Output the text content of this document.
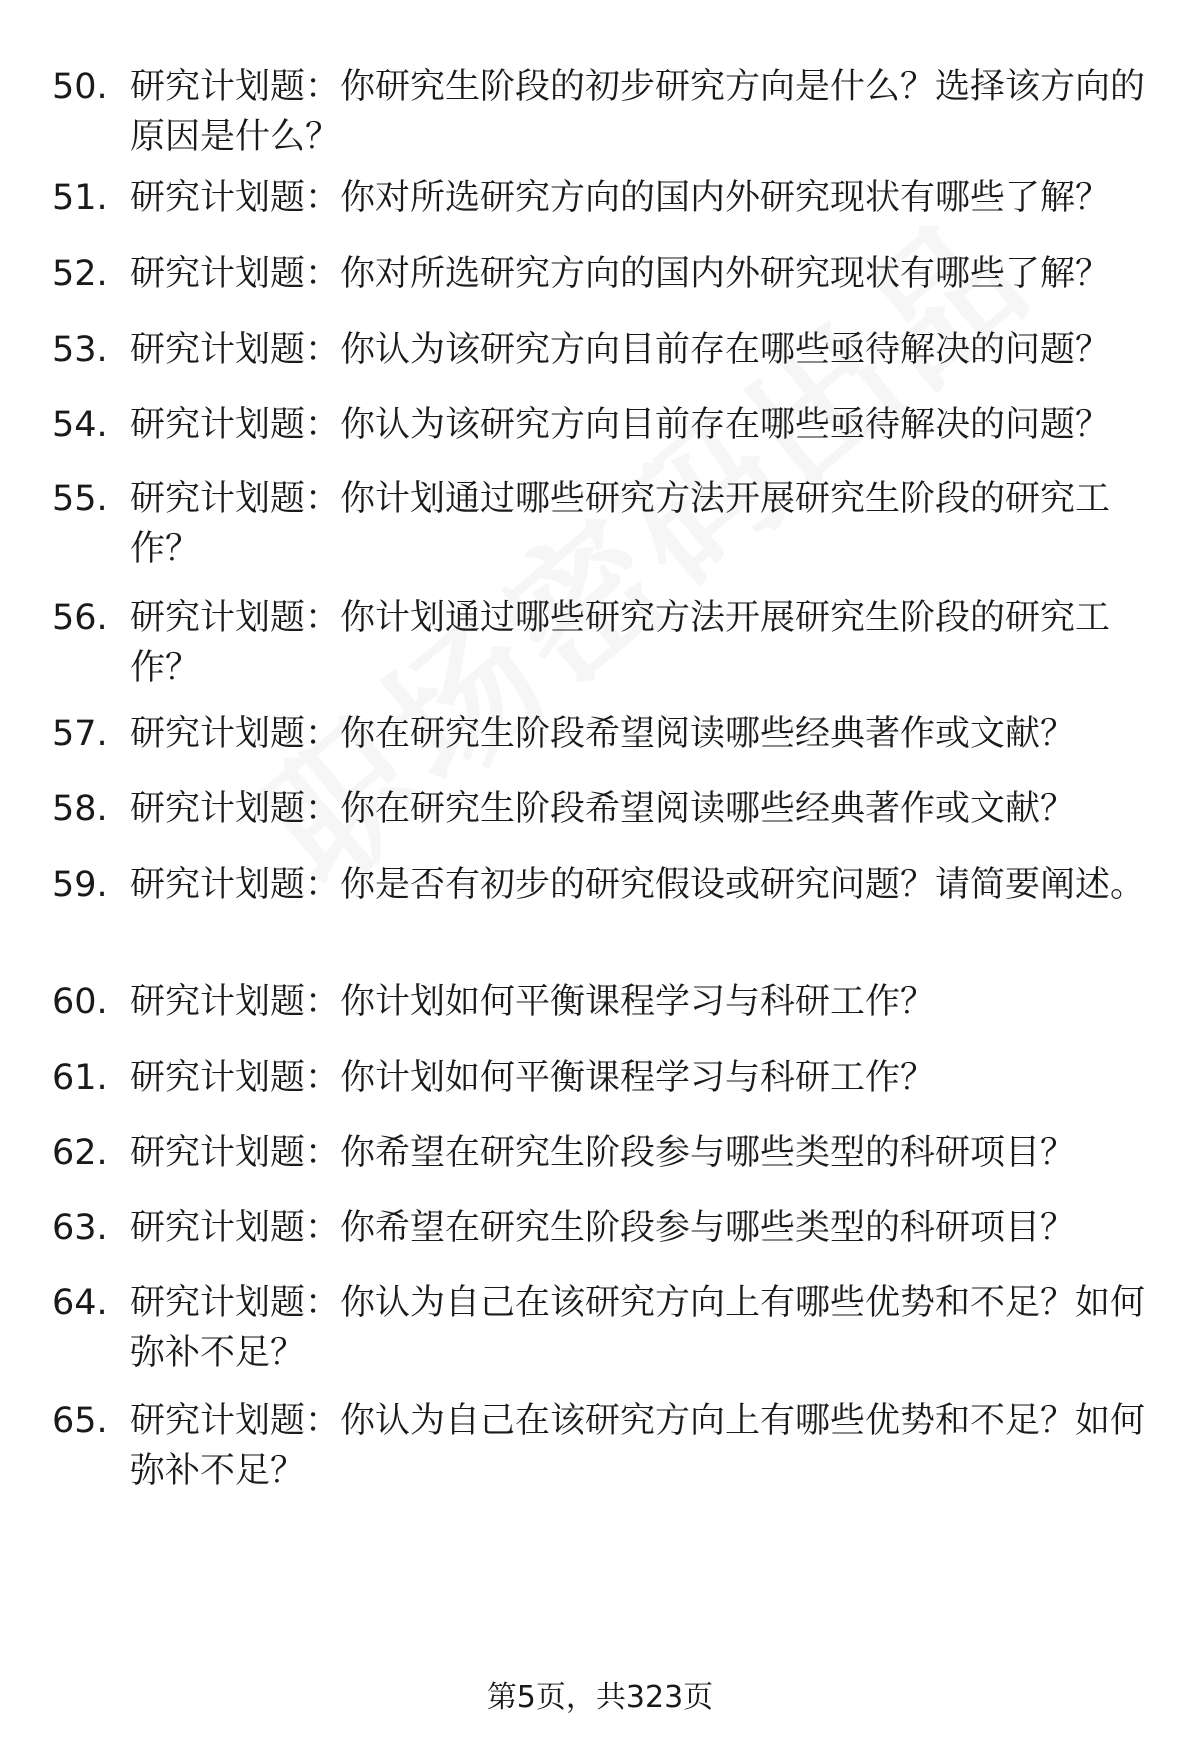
50. 研究计划题：你研究生阶段的初步研究方向是什么？选择该方向的原因是什么？
51. 研究计划题：你对所选研究方向的国内外研究现状有哪些了解？
52. 研究计划题：你对所选研究方向的国内外研究现状有哪些了解？
53. 研究计划题：你认为该研究方向目前存在哪些亟待解决的问题？
54. 研究计划题：你认为该研究方向目前存在哪些亟待解决的问题？
55. 研究计划题：你计划通过哪些研究方法开展研究生阶段的研究工作？
56. 研究计划题：你计划通过哪些研究方法开展研究生阶段的研究工作？
57. 研究计划题：你在研究生阶段希望阅读哪些经典著作或文献？
58. 研究计划题：你在研究生阶段希望阅读哪些经典著作或文献？
59. 研究计划题：你是否有初步的研究假设或研究问题？请简要阐述。
60. 研究计划题：你计划如何平衡课程学习与科研工作？
61. 研究计划题：你计划如何平衡课程学习与科研工作？
62. 研究计划题：你希望在研究生阶段参与哪些类型的科研项目？
63. 研究计划题：你希望在研究生阶段参与哪些类型的科研项目？
64. 研究计划题：你认为自己在该研究方向上有哪些优势和不足？如何弥补不足？
65. 研究计划题：你认为自己在该研究方向上有哪些优势和不足？如何弥补不足？
第5页，共323页
